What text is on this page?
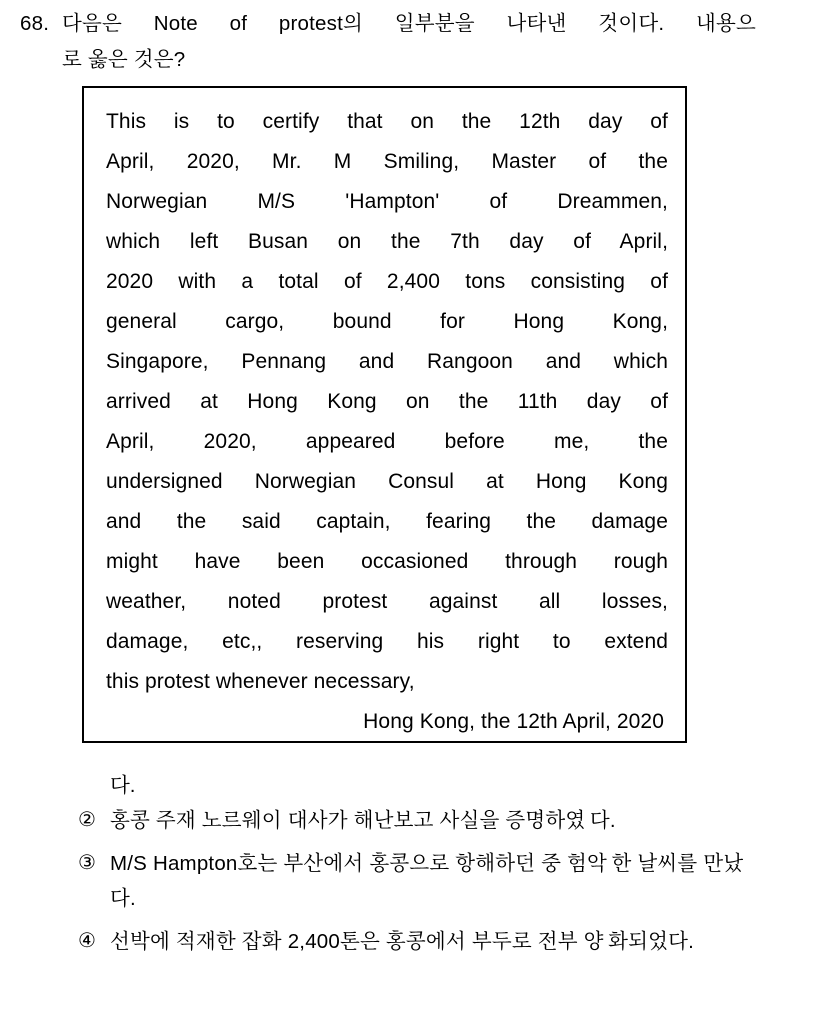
68. 다음은 Note of protest의 일부분을 나타낸 것이다. 내용으
로 옳은 것은?
This is to certify that on the 12th day of
April, 2020, Mr. M Smiling, Master of the
Norwegian M/S 'Hampton' of Dreammen,
which left Busan on the 7th day of April,
2020 with a total of 2,400 tons consisting of
general cargo, bound for Hong Kong,
Singapore, Pennang and Rangoon and which
arrived at Hong Kong on the 11th day of
April, 2020, appeared before me, the
undersigned Norwegian Consul at Hong Kong
and the said captain, fearing the damage
might have been occasioned through rough
weather, noted protest against all losses,
damage, etc,, reserving his right to extend
this protest whenever necessary,
Hong Kong, the 12th April, 2020
다.
② 홍콩 주재 노르웨이 대사가 해난보고 사실을 증명하였 다.
③ M/S Hampton호는 부산에서 홍콩으로 항해하던 중 험악 한 날씨를 만났다.
④ 선박에 적재한 잡화 2,400톤은 홍콩에서 부두로 전부 양 화되었다.
